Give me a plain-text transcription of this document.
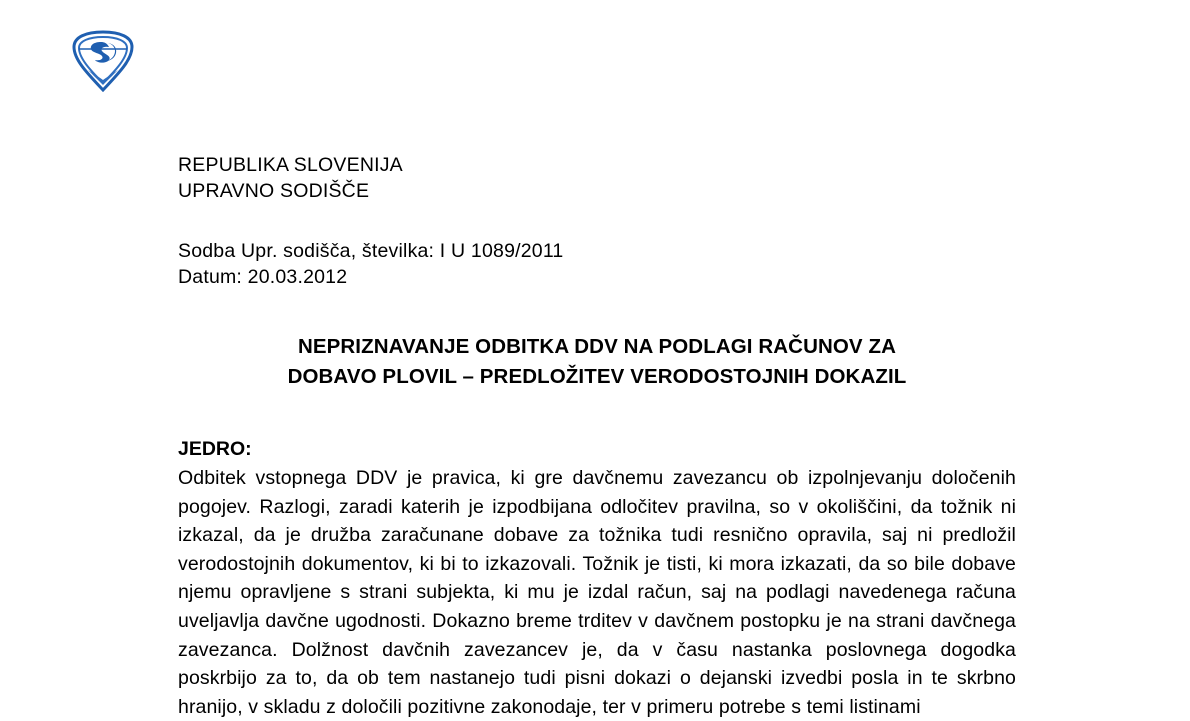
REPUBLIKA SLOVENIJA
UPRAVNO SODIŠČE
Sodba Upr. sodišča, številka: I U 1089/2011
Datum: 20.03.2012
NEPRIZNAVANJE ODBITKA DDV NA PODLAGI RAČUNOV ZA
DOBAVO PLOVIL – PREDLOŽITEV VERODOSTOJNIH DOKAZIL
JEDRO:

Odbitek vstopnega DDV je pravica, ki gre davčnemu zavezancu ob izpolnjevanju določenih pogojev. Razlogi, zaradi katerih je izpodbijana odločitev pravilna, so v okoliščini, da tožnik ni izkazal, da je družba zaračunane dobave za tožnika tudi resnično opravila, saj ni predložil verodostojnih dokumentov, ki bi to izkazovali. Tožnik je tisti, ki mora izkazati, da so bile dobave njemu opravljene s strani subjekta, ki mu je izdal račun, saj na podlagi navedenega računa uveljavlja davčne ugodnosti. Dokazno breme trditev v davčnem postopku je na strani davčnega zavezanca. Dolžnost davčnih zavezancev je, da v času nastanka poslovnega dogodka poskrbijo za to, da ob tem nastanejo tudi pisni dokazi o dejanski izvedbi posla in te skrbno hranijo, v skladu z določili pozitivne zakonodaje, ter v primeru potrebe s temi listinami
